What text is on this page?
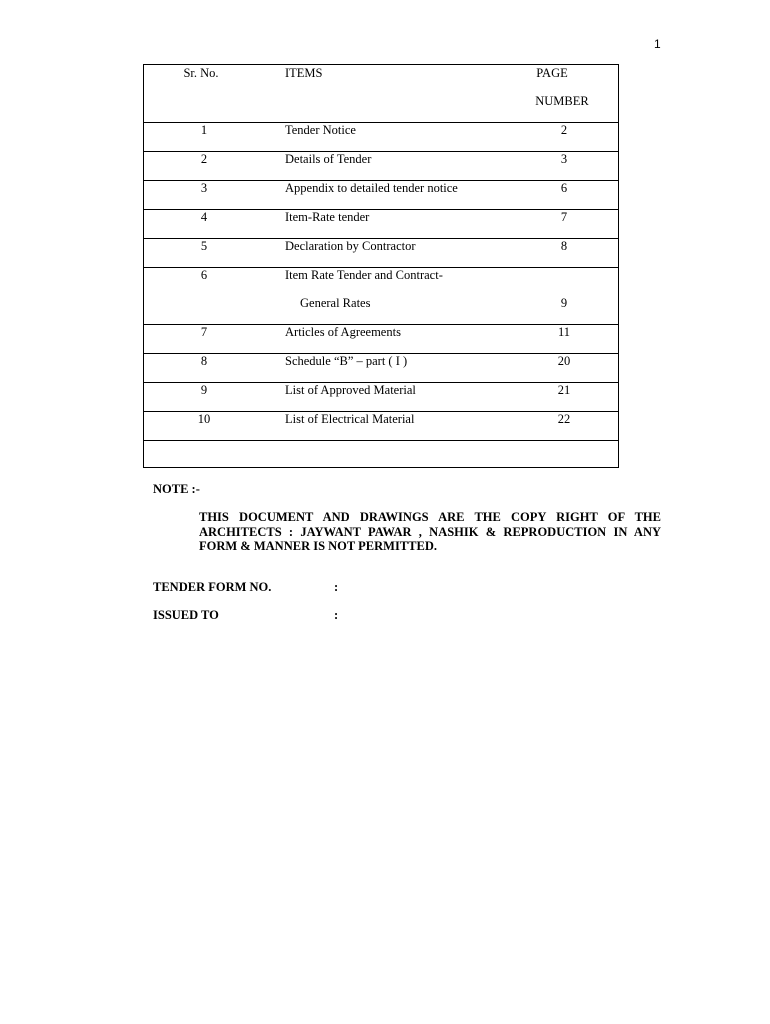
1
Sr. No.	ITEMS	PAGE
NUMBER
1	Tender Notice	2
2	Details of Tender	3
3	Appendix to detailed tender notice	6
4	Item-Rate tender	7
5	Declaration by Contractor	8
6	Item Rate Tender and Contract-
General Rates	9
7	Articles of Agreements	11
8	Schedule “B” – part ( I )	20
9	List of Approved Material	21
10	List of Electrical Material	22
NOTE :-
THIS DOCUMENT AND DRAWINGS ARE THE COPY RIGHT OF THE ARCHITECTS : JAYWANT PAWAR , NASHIK & REPRODUCTION IN ANY FORM & MANNER IS NOT PERMITTED.
TENDER FORM NO.	:
ISSUED TO	:
